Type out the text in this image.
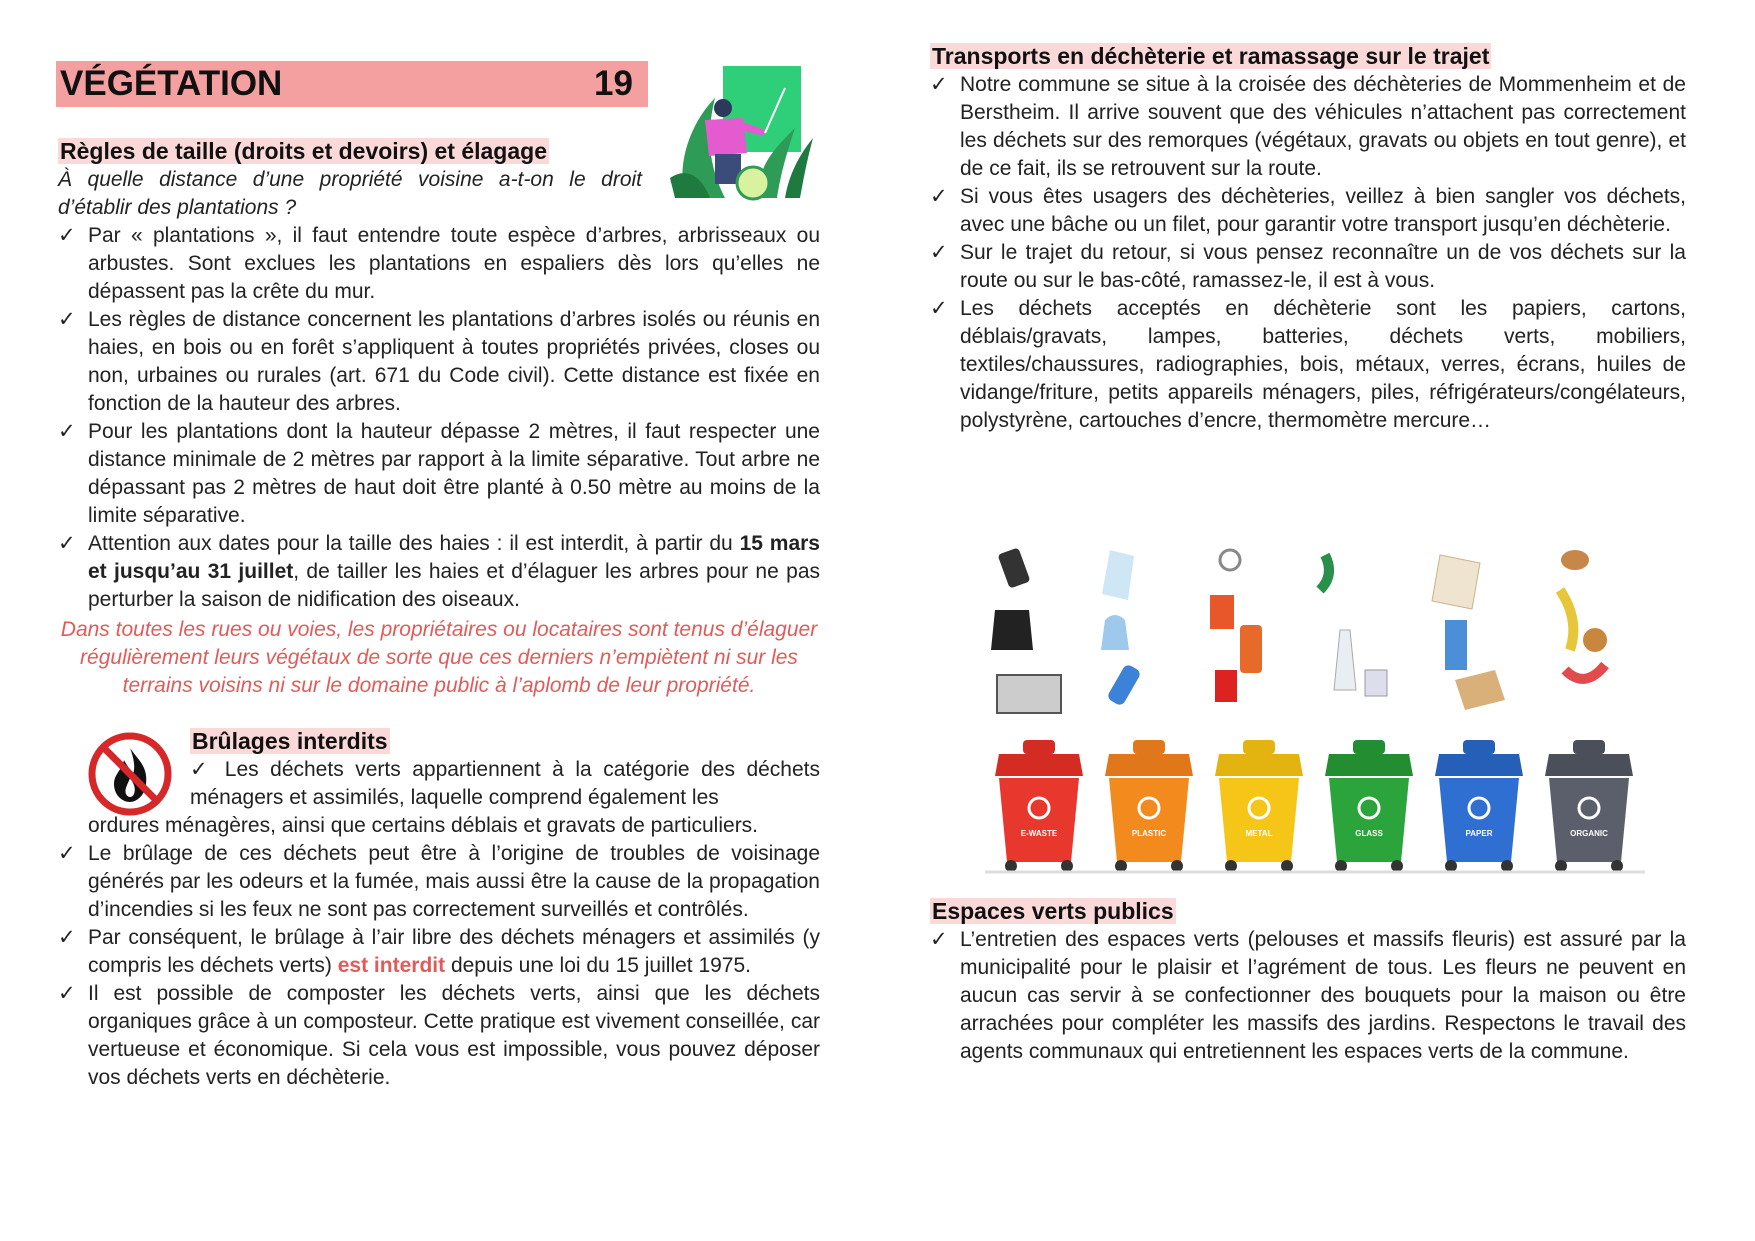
VÉGÉTATION	19
Règles de taille (droits et devoirs) et élagage
À quelle distance d’une propriété voisine a-t-on le droit d’établir des plantations ?
✓ Par « plantations », il faut entendre toute espèce d’arbres, arbrisseaux ou arbustes. Sont exclues les plantations en espaliers dès lors qu’elles ne dépassent pas la crête du mur.
✓ Les règles de distance concernent les plantations d’arbres isolés ou réunis en haies, en bois ou en forêt s’appliquent à toutes propriétés privées, closes ou non, urbaines ou rurales (art. 671 du Code civil). Cette distance est fixée en fonction de la hauteur des arbres.
✓ Pour les plantations dont la hauteur dépasse 2 mètres, il faut respecter une distance minimale de 2 mètres par rapport à la limite séparative. Tout arbre ne dépassant pas 2 mètres de haut doit être planté à 0.50 mètre au moins de la limite séparative.
✓ Attention aux dates pour la taille des haies : il est interdit, à partir du 15 mars et jusqu’au 31 juillet, de tailler les haies et d’élaguer les arbres pour ne pas perturber la saison de nidification des oiseaux.
Dans toutes les rues ou voies, les propriétaires ou locataires sont tenus d’élaguer régulièrement leurs végétaux de sorte que ces derniers n’empiètent ni sur les terrains voisins ni sur le domaine public à l’aplomb de leur propriété.
Brûlages interdits
✓ Les déchets verts appartiennent à la catégorie des déchets ménagers et assimilés, laquelle comprend également les
ordures ménagères, ainsi que certains déblais et gravats de particuliers.
✓ Le brûlage de ces déchets peut être à l’origine de troubles de voisinage générés par les odeurs et la fumée, mais aussi être la cause de la propagation d’incendies si les feux ne sont pas correctement surveillés et contrôlés.
✓ Par conséquent, le brûlage à l’air libre des déchets ménagers et assimilés (y compris les déchets verts) est interdit depuis une loi du 15 juillet 1975.
✓ Il est possible de composter les déchets verts, ainsi que les déchets organiques grâce à un composteur. Cette pratique est vivement conseillée, car vertueuse et économique. Si cela vous est impossible, vous pouvez déposer vos déchets verts en déchèterie.
Transports en déchèterie et ramassage sur le trajet
✓ Notre commune se situe à la croisée des déchèteries de Mommenheim et de Berstheim. Il arrive souvent que des véhicules n’attachent pas correctement les déchets sur des remorques (végétaux, gravats ou objets en tout genre), et de ce fait, ils se retrouvent sur la route.
✓ Si vous êtes usagers des déchèteries, veillez à bien sangler vos déchets, avec une bâche ou un filet, pour garantir votre transport jusqu’en déchèterie.
✓ Sur le trajet du retour, si vous pensez reconnaître un de vos déchets sur la route ou sur le bas-côté, ramassez-le, il est à vous.
✓ Les déchets acceptés en déchèterie sont les papiers, cartons, déblais/gravats, lampes, batteries, déchets verts, mobiliers, textiles/chaussures, radiographies, bois, métaux, verres, écrans, huiles de vidange/friture, petits appareils ménagers, piles, réfrigérateurs/congélateurs, polystyrène, cartouches d’encre, thermomètre mercure…
E-WASTE	PLASTIC	METAL	GLASS	PAPER	ORGANIC
Espaces verts publics
✓ L’entretien des espaces verts (pelouses et massifs fleuris) est assuré par la municipalité pour le plaisir et l’agrément de tous. Les fleurs ne peuvent en aucun cas servir à se confectionner des bouquets pour la maison ou être arrachées pour compléter les massifs des jardins. Respectons le travail des agents communaux qui entretiennent les espaces verts de la commune.
